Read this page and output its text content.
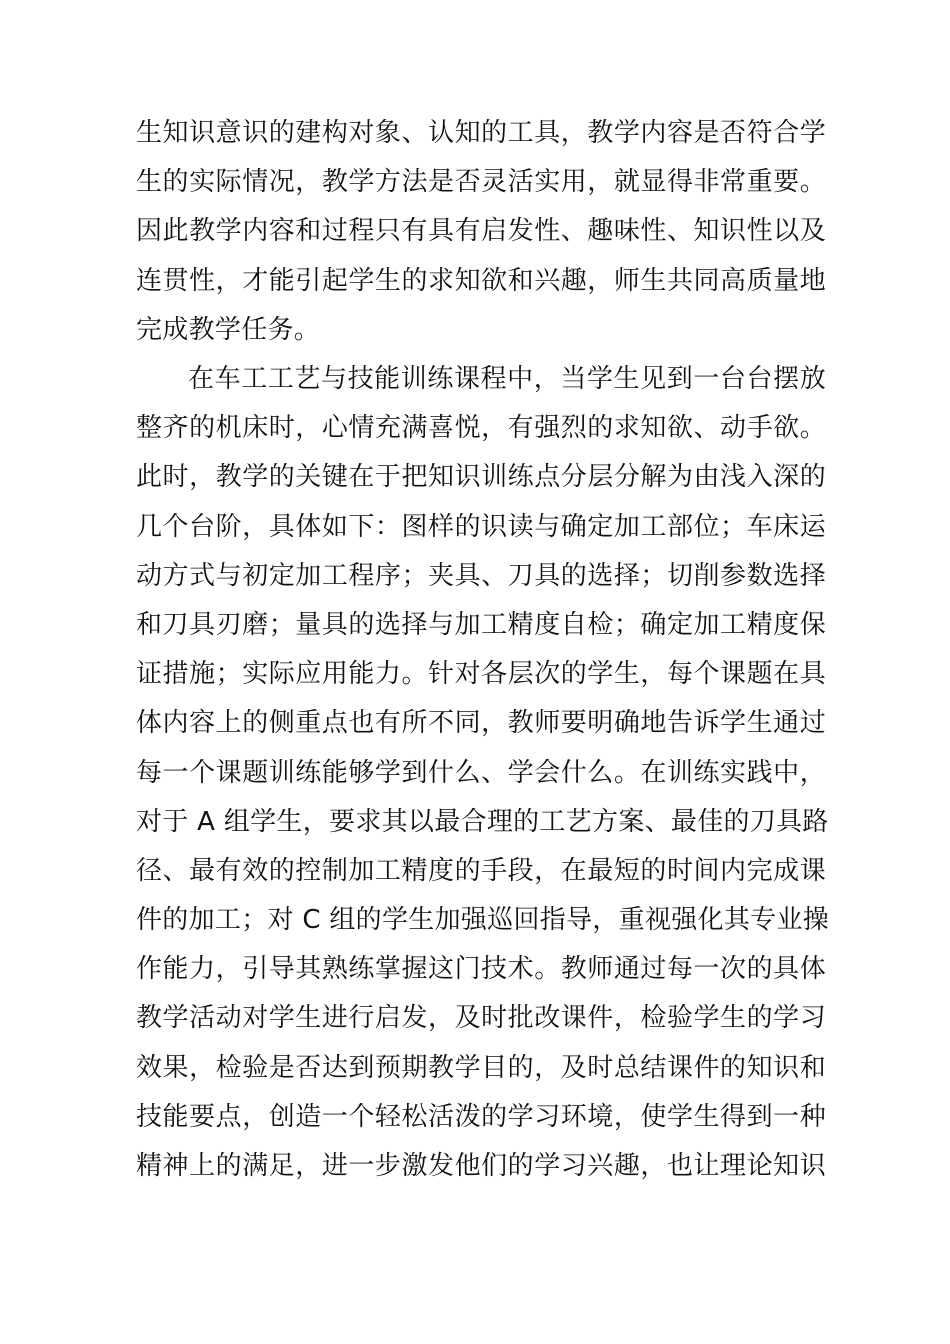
生知识意识的建构对象、认知的工具，教学内容是否符合学
生的实际情况，教学方法是否灵活实用，就显得非常重要。
因此教学内容和过程只有具有启发性、趣味性、知识性以及
连贯性，才能引起学生的求知欲和兴趣，师生共同高质量地
完成教学任务。
在车工工艺与技能训练课程中，当学生见到一台台摆放
整齐的机床时，心情充满喜悦，有强烈的求知欲、动手欲。
此时，教学的关键在于把知识训练点分层分解为由浅入深的
几个台阶，具体如下：图样的识读与确定加工部位；车床运
动方式与初定加工程序；夹具、刀具的选择；切削参数选择
和刀具刃磨；量具的选择与加工精度自检；确定加工精度保
证措施；实际应用能力。针对各层次的学生，每个课题在具
体内容上的侧重点也有所不同，教师要明确地告诉学生通过
每一个课题训练能够学到什么、学会什么。在训练实践中，
对于 A 组学生，要求其以最合理的工艺方案、最佳的刀具路
径、最有效的控制加工精度的手段，在最短的时间内完成课
件的加工；对 C 组的学生加强巡回指导，重视强化其专业操
作能力，引导其熟练掌握这门技术。教师通过每一次的具体
教学活动对学生进行启发，及时批改课件，检验学生的学习
效果，检验是否达到预期教学目的，及时总结课件的知识和
技能要点，创造一个轻松活泼的学习环境，使学生得到一种
精神上的满足，进一步激发他们的学习兴趣，也让理论知识
